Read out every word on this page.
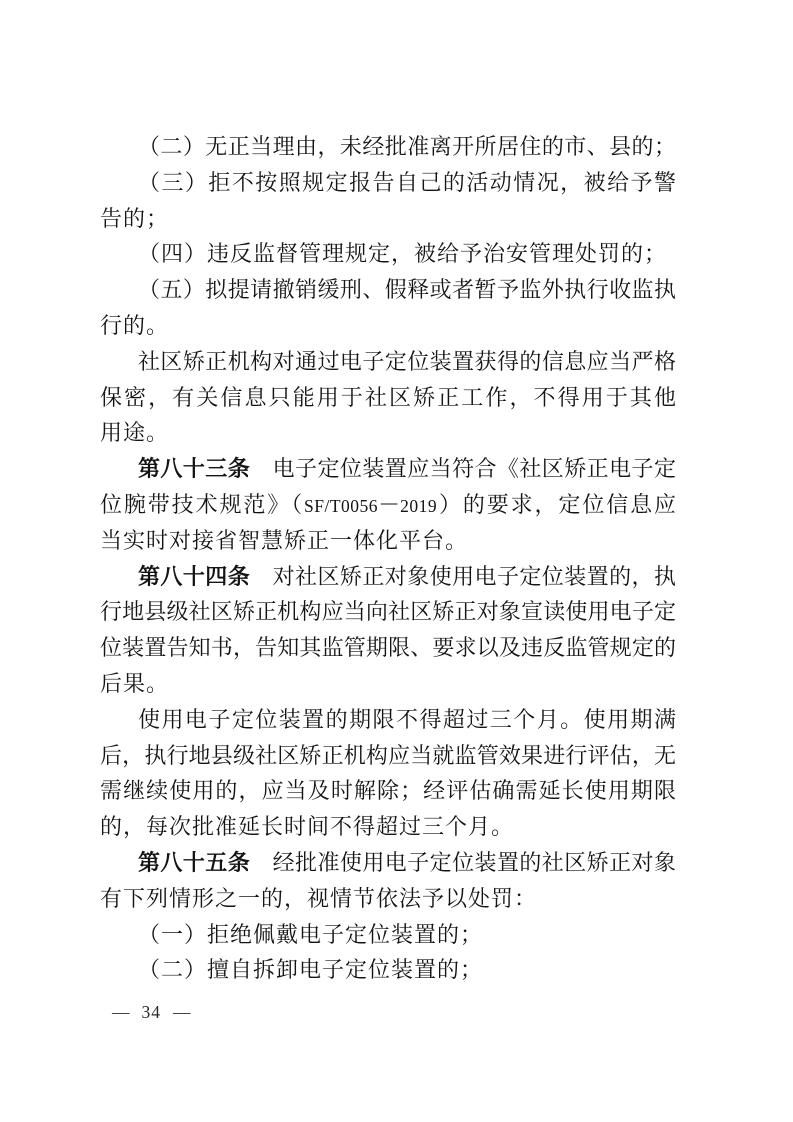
（二）无正当理由，未经批准离开所居住的市、县的；
（三）拒不按照规定报告自己的活动情况，被给予警
告的；
（四）违反监督管理规定，被给予治安管理处罚的；
（五）拟提请撤销缓刑、假释或者暂予监外执行收监执
行的。
社区矫正机构对通过电子定位装置获得的信息应当严格
保密，有关信息只能用于社区矫正工作，不得用于其他
用途。
第八十三条　电子定位装置应当符合《社区矫正电子定
位腕带技术规范》（SF/T0056－2019）的要求，定位信息应
当实时对接省智慧矫正一体化平台。
第八十四条　对社区矫正对象使用电子定位装置的，执
行地县级社区矫正机构应当向社区矫正对象宣读使用电子定
位装置告知书，告知其监管期限、要求以及违反监管规定的
后果。
使用电子定位装置的期限不得超过三个月。使用期满
后，执行地县级社区矫正机构应当就监管效果进行评估，无
需继续使用的，应当及时解除；经评估确需延长使用期限
的，每次批准延长时间不得超过三个月。
第八十五条　经批准使用电子定位装置的社区矫正对象
有下列情形之一的，视情节依法予以处罚：
（一）拒绝佩戴电子定位装置的；
（二）擅自拆卸电子定位装置的；
— 34 —
